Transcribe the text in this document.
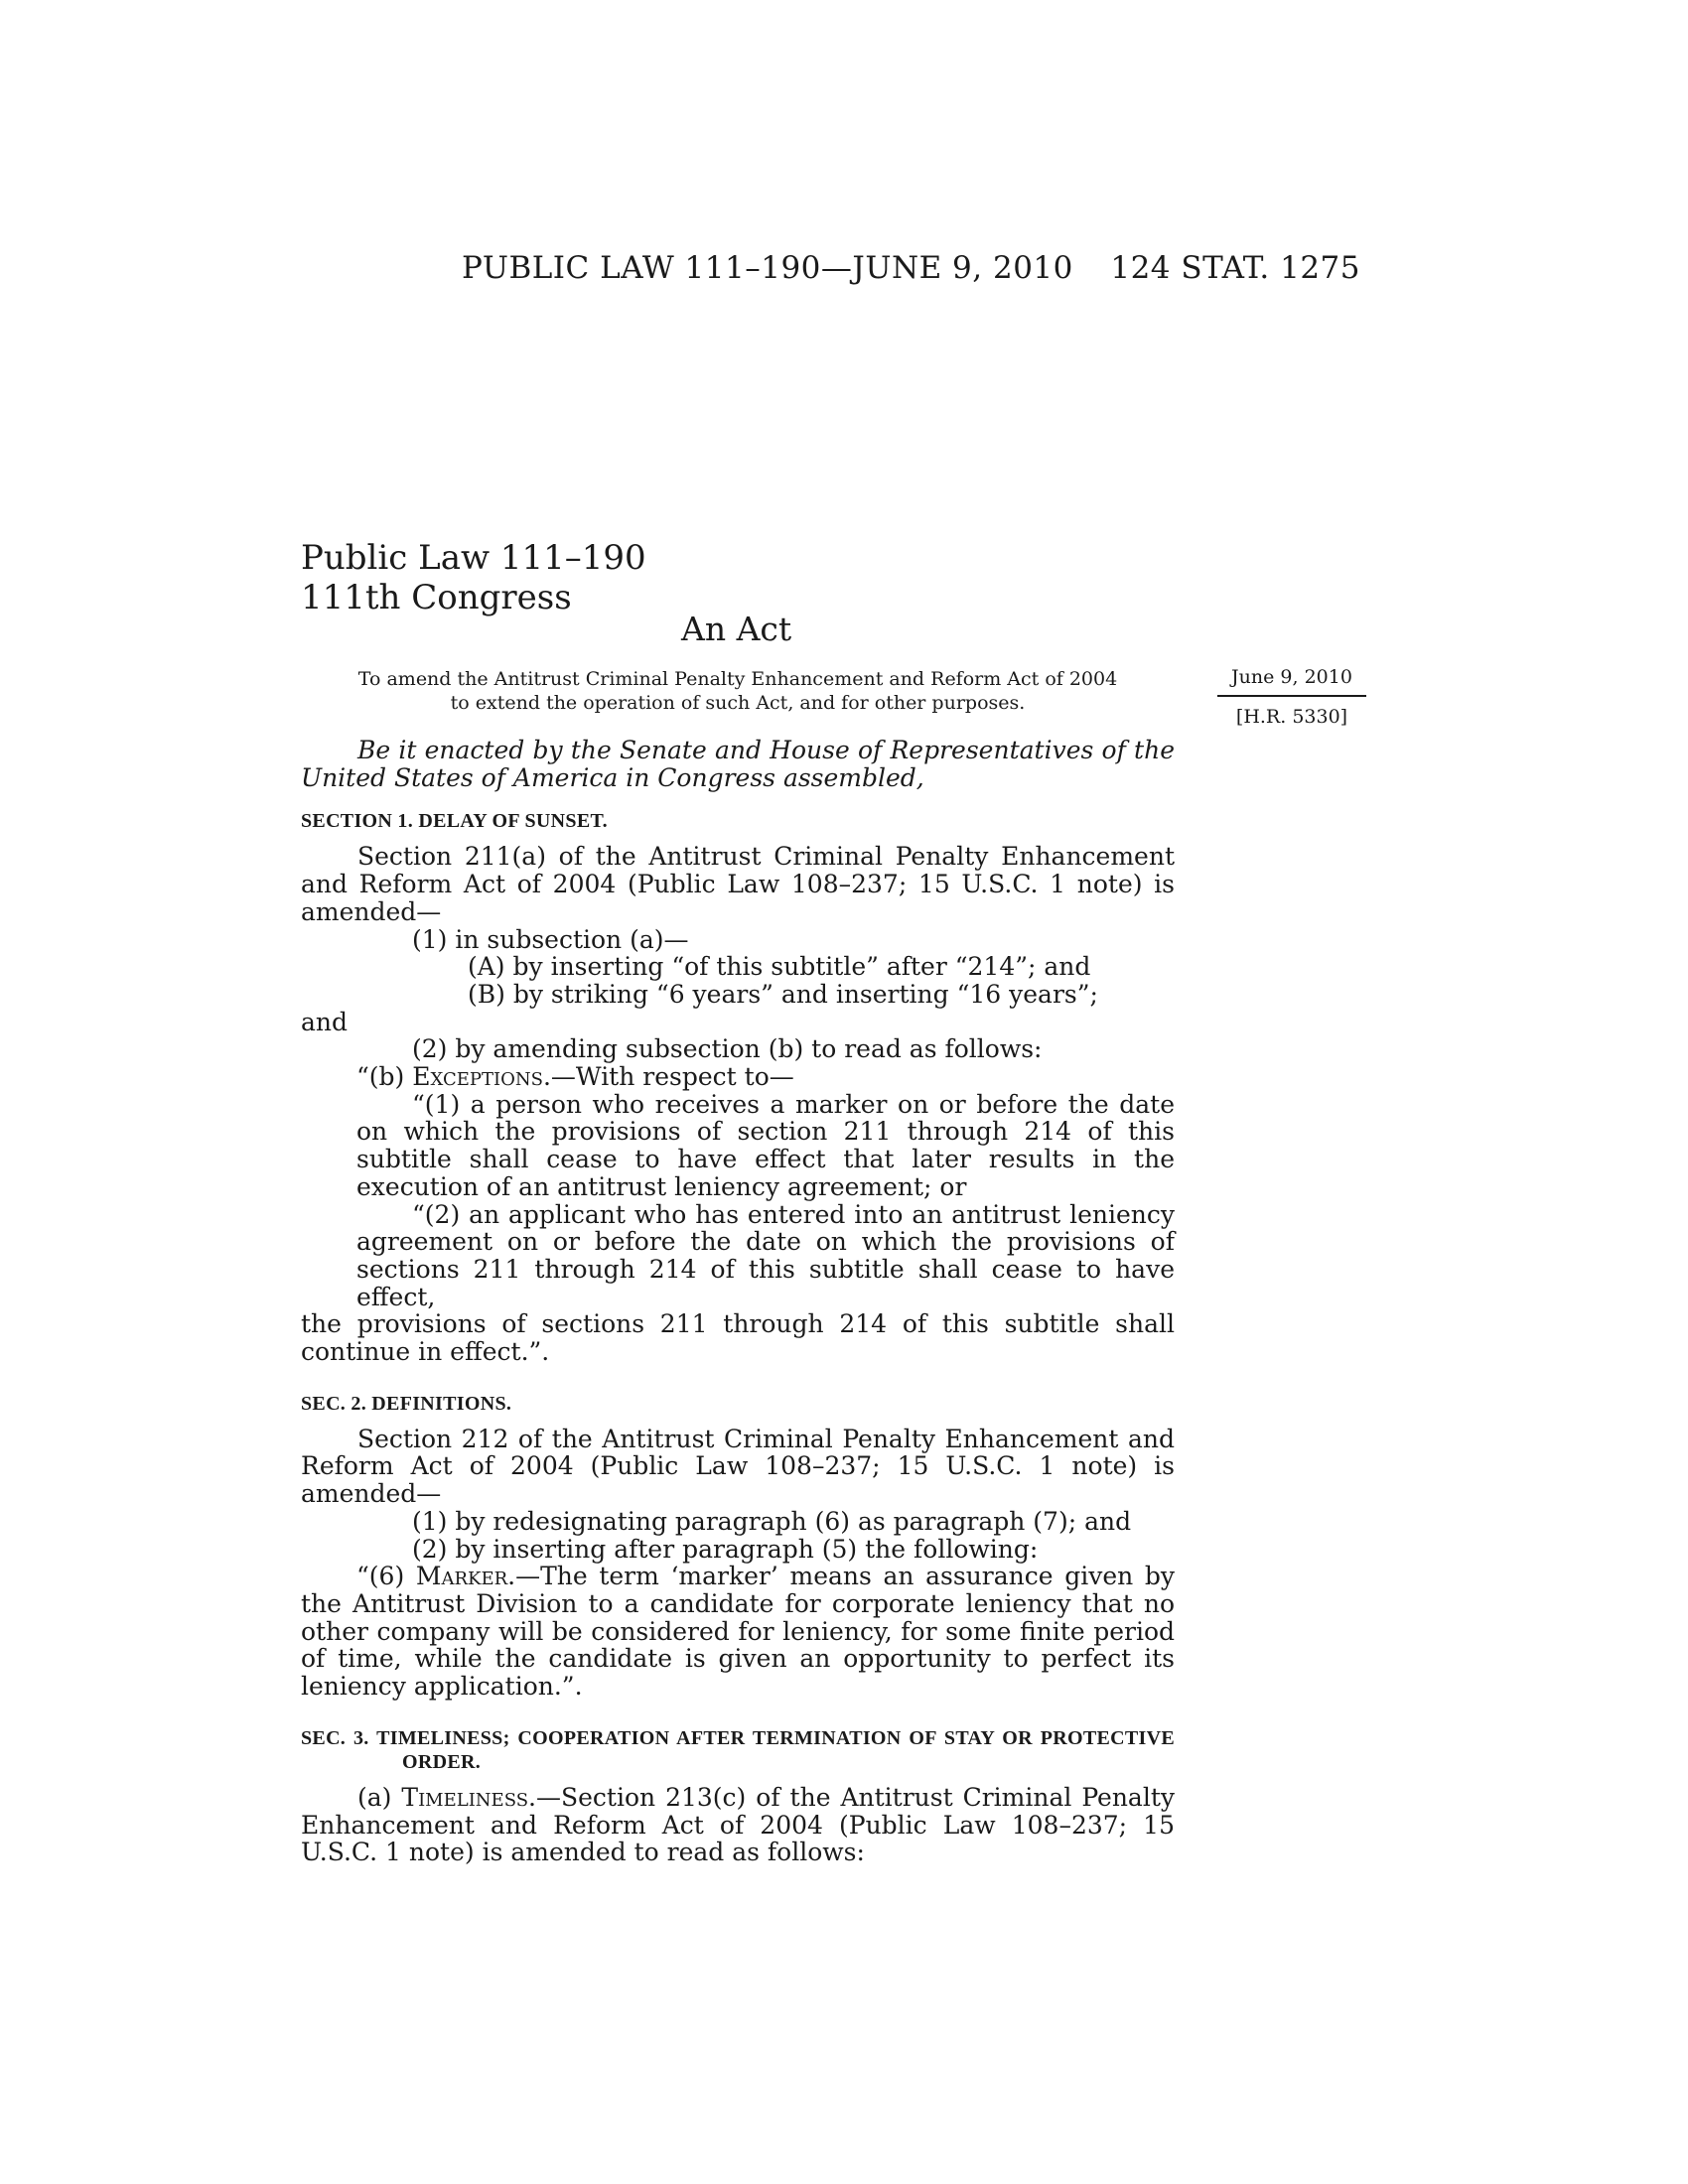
PUBLIC LAW 111–190—JUNE 9, 2010 124 STAT. 1275
Public Law 111–190
111th Congress
An Act
To amend the Antitrust Criminal Penalty Enhancement and Reform Act of 2004
to extend the operation of such Act, and for other purposes.
June 9, 2010
[H.R. 5330]

Be it enacted by the Senate and House of Representatives of the United States of America in Congress assembled,

SECTION 1. DELAY OF SUNSET.

Section 211(a) of the Antitrust Criminal Penalty Enhancement and Reform Act of 2004 (Public Law 108–237; 15 U.S.C. 1 note) is amended—

(1) in subsection (a)—

(A) by inserting “of this subtitle” after “214”; and

(B) by striking “6 years” and inserting “16 years”;

and

(2) by amending subsection (b) to read as follows:

“(b) Exceptions.—With respect to—

“(1) a person who receives a marker on or before the date on which the provisions of section 211 through 214 of this subtitle shall cease to have effect that later results in the execution of an antitrust leniency agreement; or

“(2) an applicant who has entered into an antitrust leniency agreement on or before the date on which the provisions of sections 211 through 214 of this subtitle shall cease to have effect,

the provisions of sections 211 through 214 of this subtitle shall continue in effect.”.

SEC. 2. DEFINITIONS.

Section 212 of the Antitrust Criminal Penalty Enhancement and Reform Act of 2004 (Public Law 108–237; 15 U.S.C. 1 note) is amended—

(1) by redesignating paragraph (6) as paragraph (7); and

(2) by inserting after paragraph (5) the following:

“(6) Marker.—The term ‘marker’ means an assurance given by the Antitrust Division to a candidate for corporate leniency that no other company will be considered for leniency, for some finite period of time, while the candidate is given an opportunity to perfect its leniency application.”.

SEC. 3. TIMELINESS; COOPERATION AFTER TERMINATION OF STAY OR PROTECTIVE ORDER.

(a) Timeliness.—Section 213(c) of the Antitrust Criminal Penalty Enhancement and Reform Act of 2004 (Public Law 108–237; 15 U.S.C. 1 note) is amended to read as follows:
